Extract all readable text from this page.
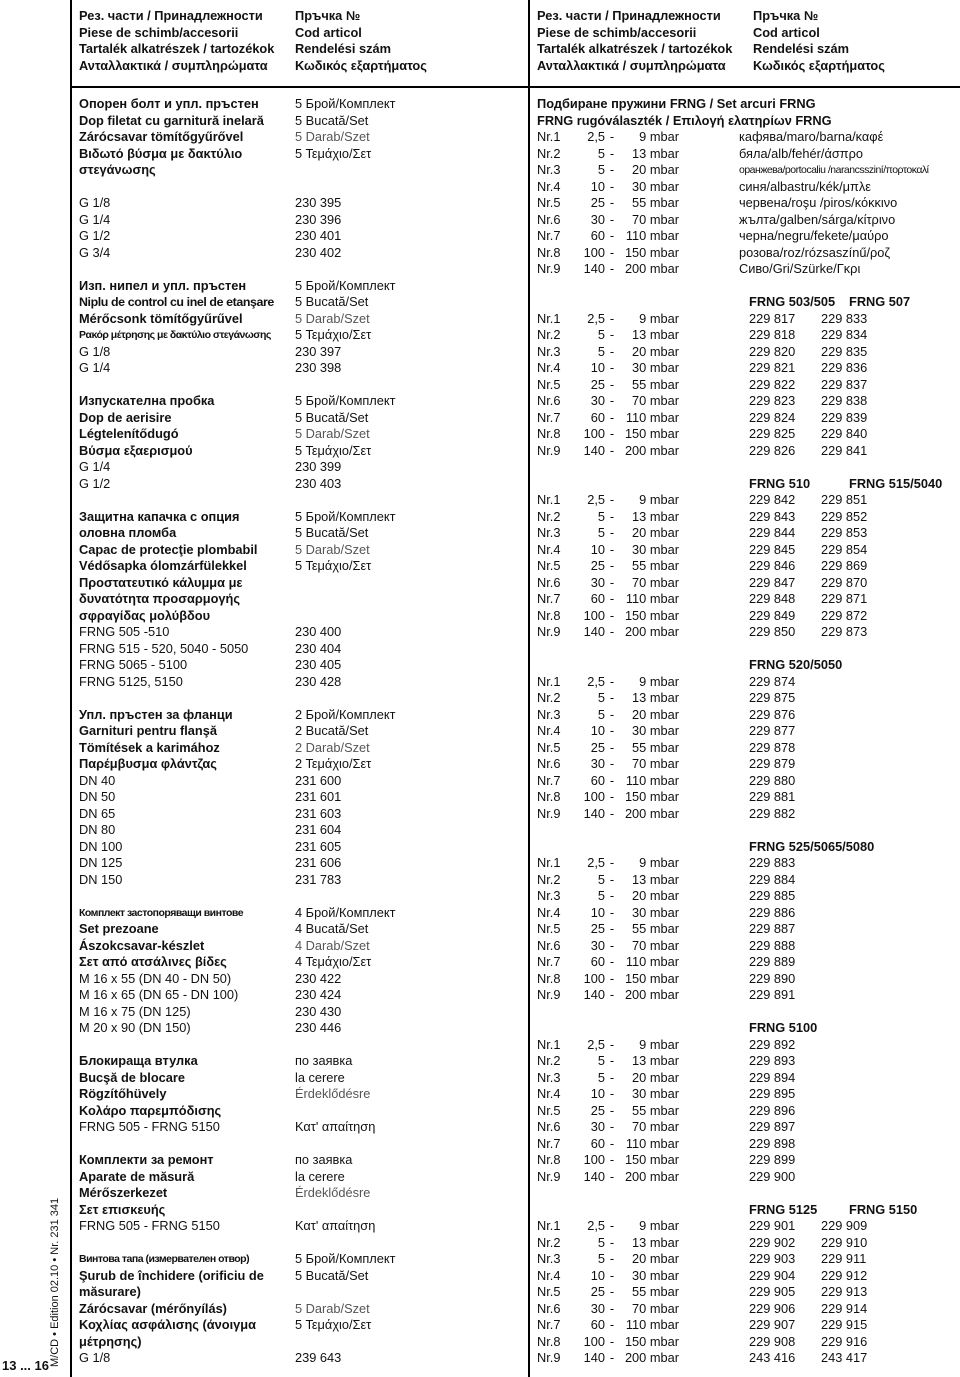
M/CD • Edition 02.10 • Nr. 231 341
13 ... 16
Рез. части / Принадлежности	Пръчка №
Piese de schimb/accesorii	Cod articol
Tartalék alkatrészek / tartozékok	Rendelési szám
Ανταλλακτικά / συμπληρώματα	Κωδικός εξαρτήματος
Опорен болт и упл. пръстен	5 Брой/Комплект
Dop filetat cu garnitură inelară	5 Bucată/Set
Zárócsavar tömítőgyűrővel	5 Darab/Szet
Βιδωτό βύσμα με δακτύλιο	5 Τεμάχιο/Σετ
στεγάνωσης
G 1/8	230 395
G 1/4	230 396
G 1/2	230 401
G 3/4	230 402
Изп. нипел и упл. пръстен	5 Брой/Комплект
Niplu de control cu inel de etanşare	5 Bucată/Set
Mérőcsonk tömítőgyűrűvel	5 Darab/Szet
Ρακόρ μέτρησης με δακτύλιο στεγάνωσης	5 Τεμάχιο/Σετ
G 1/8	230 397
G 1/4	230 398
Изпускателна пробка	5 Брой/Комплект
Dop de aerisire	5 Bucată/Set
Légtelenítődugó	5 Darab/Szet
Βύσμα εξαερισμού	5 Τεμάχιο/Σετ
G 1/4	230 399
G 1/2	230 403
Защитна капачка с опция	5 Брой/Комплект
оловна пломба	5 Bucată/Set
Capac de protecţie plombabil	5 Darab/Szet
Védősapka ólomzárfülekkel	5 Τεμάχιο/Σετ
Προστατευτικό κάλυμμα με
δυνατότητα προσαρμογής
σφραγίδας μολύβδου
FRNG 505 -510	230 400
FRNG 515 - 520, 5040 - 5050	230 404
FRNG 5065 - 5100	230 405
FRNG 5125, 5150	230 428
Упл. пръстен за фланци	2 Брой/Комплект
Garnituri pentru flanşă	2 Bucată/Set
Tömítések a karimához	2 Darab/Szet
Παρέμβυσμα φλάντζας	2 Τεμάχιο/Σετ
DN 40	231 600
DN 50	231 601
DN 65	231 603
DN 80	231 604
DN 100	231 605
DN 125	231 606
DN 150	231 783
Комплект застопоряващи винтове	4 Брой/Комплект
Set prezoane	4 Bucată/Set
Ászokcsavar-készlet	4 Darab/Szet
Σετ από ατσάλινες βίδες	4 Τεμάχιο/Σετ
M 16 x 55 (DN 40 - DN 50)	230 422
M 16 x 65 (DN 65 - DN 100)	230 424
M 16 x 75 (DN 125)	230 430
M 20 x 90 (DN 150)	230 446
Блокираща втулка	по заявка
Bucşă de blocare	la cerere
Rögzítőhüvely	Érdeklődésre
Κολάρο παρεμπόδισης
FRNG 505 - FRNG 5150	Κατ' απαίτηση
Комплекти за ремонт	по заявка
Aparate de măsură	la cerere
Mérőszerkezet	Érdeklődésre
Σετ επισκευής
FRNG 505 - FRNG 5150	Κατ' απαίτηση
Винтова тапа (измервателен отвор)	5 Брой/Комплект
Şurub de închidere (orificiu de	5 Bucată/Set
măsurare)
Zárócsavar (mérőnyílás)	5 Darab/Szet
Κοχλίας ασφάλισης (άνοιγμα	5 Τεμάχιο/Σετ
μέτρησης)
G 1/8	239 643
Рез. части / Принадлежности	Пръчка №
Piese de schimb/accesorii	Cod articol
Tartalék alkatrészek / tartozékok	Rendelési szám
Ανταλλακτικά / συμπληρώματα	Κωδικός εξαρτήματος
Подбиране пружини FRNG / Set arcuri FRNG
FRNG rugóválaszték / Επιλογή ελατηρίων FRNG
Nr.1	2,5 -	9 mbar	кафява/maro/barna/καφέ
Nr.2	5 -	13 mbar	бяла/alb/fehér/άσπρο
Nr.3	5 -	20 mbar	оранжева/portocaliu /narancssziní/πορτοκαλί
Nr.4	10 -	30 mbar	синя/albastru/kék/μπλε
Nr.5	25 -	55 mbar	червена/roşu /piros/κόκκινο
Nr.6	30 -	70 mbar	жълта/galben/sárga/κίτρινο
Nr.7	60 - 110 mbar	черна/negru/fekete/μαύρο
Nr.8	100 - 150 mbar	розова/roz/rózsaszínű/ροζ
Nr.9	140 - 200 mbar	Сиво/Gri/Szürke/Γκρι
FRNG 503/505	FRNG 507
Nr.1	2,5 -	9 mbar	229 817	229 833
Nr.2	5 -	13 mbar	229 818	229 834
Nr.3	5 -	20 mbar	229 820	229 835
Nr.4	10 -	30 mbar	229 821	229 836
Nr.5	25 -	55 mbar	229 822	229 837
Nr.6	30 -	70 mbar	229 823	229 838
Nr.7	60 - 110 mbar	229 824	229 839
Nr.8	100 - 150 mbar	229 825	229 840
Nr.9	140 - 200 mbar	229 826	229 841
FRNG 510	FRNG 515/5040
Nr.1	2,5 -	9 mbar	229 842	229 851
Nr.2	5 -	13 mbar	229 843	229 852
Nr.3	5 -	20 mbar	229 844	229 853
Nr.4	10 -	30 mbar	229 845	229 854
Nr.5	25 -	55 mbar	229 846	229 869
Nr.6	30 -	70 mbar	229 847	229 870
Nr.7	60 - 110 mbar	229 848	229 871
Nr.8	100 - 150 mbar	229 849	229 872
Nr.9	140 - 200 mbar	229 850	229 873
FRNG 520/5050
Nr.1	2,5 -	9 mbar	229 874
Nr.2	5 -	13 mbar	229 875
Nr.3	5 -	20 mbar	229 876
Nr.4	10 -	30 mbar	229 877
Nr.5	25 -	55 mbar	229 878
Nr.6	30 -	70 mbar	229 879
Nr.7	60 - 110 mbar	229 880
Nr.8	100 - 150 mbar	229 881
Nr.9	140 - 200 mbar	229 882
FRNG 525/5065/5080
Nr.1	2,5 -	9 mbar	229 883
Nr.2	5 -	13 mbar	229 884
Nr.3	5 -	20 mbar	229 885
Nr.4	10 -	30 mbar	229 886
Nr.5	25 -	55 mbar	229 887
Nr.6	30 -	70 mbar	229 888
Nr.7	60 - 110 mbar	229 889
Nr.8	100 - 150 mbar	229 890
Nr.9	140 - 200 mbar	229 891
FRNG 5100
Nr.1	2,5 -	9 mbar	229 892
Nr.2	5 -	13 mbar	229 893
Nr.3	5 -	20 mbar	229 894
Nr.4	10 -	30 mbar	229 895
Nr.5	25 -	55 mbar	229 896
Nr.6	30 -	70 mbar	229 897
Nr.7	60 - 110 mbar	229 898
Nr.8	100 - 150 mbar	229 899
Nr.9	140 - 200 mbar	229 900
FRNG 5125	FRNG 5150
Nr.1	2,5 -	9 mbar	229 901	229 909
Nr.2	5 -	13 mbar	229 902	229 910
Nr.3	5 -	20 mbar	229 903	229 911
Nr.4	10 -	30 mbar	229 904	229 912
Nr.5	25 -	55 mbar	229 905	229 913
Nr.6	30 -	70 mbar	229 906	229 914
Nr.7	60 - 110 mbar	229 907	229 915
Nr.8	100 - 150 mbar	229 908	229 916
Nr.9	140 - 200 mbar	243 416	243 417
